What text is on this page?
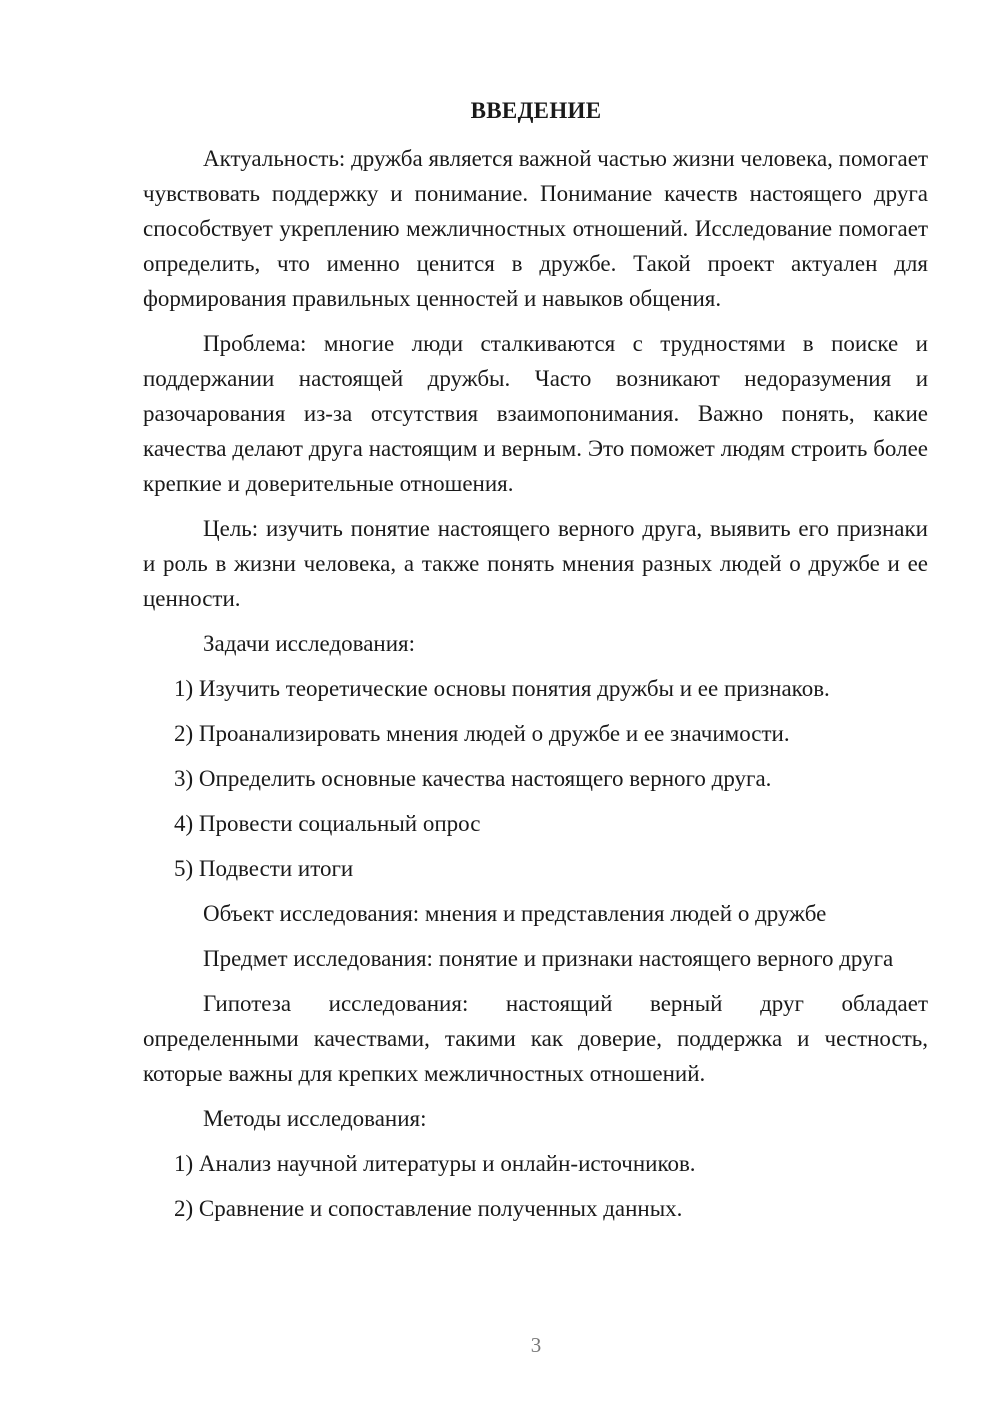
ВВЕДЕНИЕ

Актуальность: дружба является важной частью жизни человека, помогает чувствовать поддержку и понимание. Понимание качеств настоящего друга способствует укреплению межличностных отношений. Исследование помогает определить, что именно ценится в дружбе. Такой проект актуален для формирования правильных ценностей и навыков общения.

Проблема: многие люди сталкиваются с трудностями в поиске и поддержании настоящей дружбы. Часто возникают недоразумения и разочарования из-за отсутствия взаимопонимания. Важно понять, какие качества делают друга настоящим и верным. Это поможет людям строить более крепкие и доверительные отношения.

Цель: изучить понятие настоящего верного друга, выявить его признаки и роль в жизни человека, а также понять мнения разных людей о дружбе и ее ценности.

Задачи исследования:

1) Изучить теоретические основы понятия дружбы и ее признаков.

2) Проанализировать мнения людей о дружбе и ее значимости.

3) Определить основные качества настоящего верного друга.

4) Провести социальный опрос

5) Подвести итоги

Объект исследования: мнения и представления людей о дружбе

Предмет исследования: понятие и признаки настоящего верного друга

Гипотеза исследования: настоящий верный друг обладает определенными качествами, такими как доверие, поддержка и честность, которые важны для крепких межличностных отношений.

Методы исследования:

1) Анализ научной литературы и онлайн-источников.

2) Сравнение и сопоставление полученных данных.

3
